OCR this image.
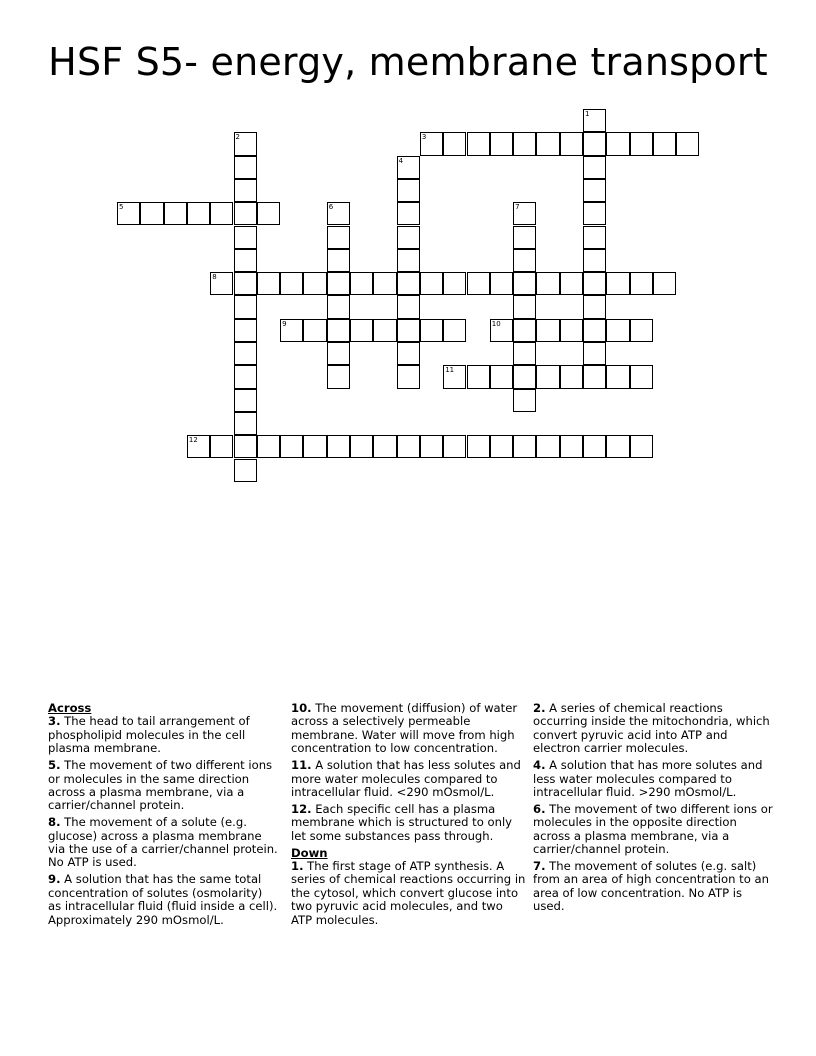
HSF S5- energy, membrane transport
1
2	3
4
5	6	7
8
9	10
11
12
Across

3. The head to tail arrangement of phospholipid molecules in the cell plasma membrane.

5. The movement of two different ions or molecules in the same direction across a plasma membrane, via a carrier/channel protein.

8. The movement of a solute (e.g. glucose) across a plasma membrane via the use of a carrier/channel protein. No ATP is used.

9. A solution that has the same total concentration of solutes (osmolarity) as intracellular fluid (fluid inside a cell). Approximately 290 mOsmol/L.

10. The movement (diffusion) of water across a selectively permeable membrane. Water will move from high concentration to low concentration.

11. A solution that has less solutes and more water molecules compared to intracellular fluid. <290 mOsmol/L.

12. Each specific cell has a plasma membrane which is structured to only let some substances pass through.

Down

1. The first stage of ATP synthesis. A series of chemical reactions occurring in the cytosol, which convert glucose into two pyruvic acid molecules, and two ATP molecules.

2. A series of chemical reactions occurring inside the mitochondria, which convert pyruvic acid into ATP and electron carrier molecules.

4. A solution that has more solutes and less water molecules compared to intracellular fluid. >290 mOsmol/L.

6. The movement of two different ions or molecules in the opposite direction across a plasma membrane, via a carrier/channel protein.

7. The movement of solutes (e.g. salt) from an area of high concentration to an area of low concentration. No ATP is used.
